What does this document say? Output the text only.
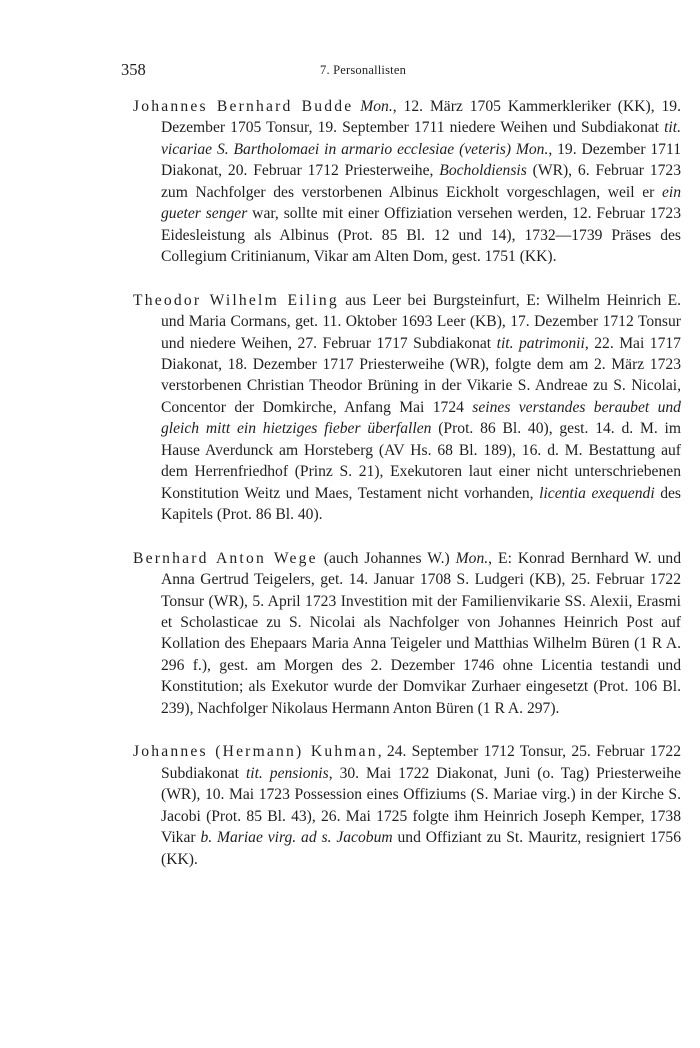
358	7. Personallisten

Johannes Bernhard Budde Mon., 12. März 1705 Kammerkleriker (KK), 19. Dezember 1705 Tonsur, 19. September 1711 niedere Weihen und Subdiakonat tit. vicariae S. Bartholomaei in armario ecclesiae (veteris) Mon., 19. Dezember 1711 Diakonat, 20. Februar 1712 Priesterweihe, Bocholdiensis (WR), 6. Februar 1723 zum Nachfolger des verstorbenen Albinus Eickholt vorgeschlagen, weil er ein gueter senger war, sollte mit einer Offiziation versehen werden, 12. Februar 1723 Eidesleistung als Albinus (Prot. 85 Bl. 12 und 14), 1732—1739 Präses des Collegium Critinianum, Vikar am Alten Dom, gest. 1751 (KK).

Theodor Wilhelm Eiling aus Leer bei Burgsteinfurt, E: Wilhelm Heinrich E. und Maria Cormans, get. 11. Oktober 1693 Leer (KB), 17. Dezember 1712 Tonsur und niedere Weihen, 27. Februar 1717 Subdiakonat tit. patrimonii, 22. Mai 1717 Diakonat, 18. Dezember 1717 Priesterweihe (WR), folgte dem am 2. März 1723 verstorbenen Christian Theodor Brüning in der Vikarie S. Andreae zu S. Nicolai, Concentor der Domkirche, Anfang Mai 1724 seines verstandes beraubet und gleich mitt ein hietziges fieber überfallen (Prot. 86 Bl. 40), gest. 14. d. M. im Hause Averdunck am Horsteberg (AV Hs. 68 Bl. 189), 16. d. M. Bestattung auf dem Herrenfriedhof (Prinz S. 21), Exekutoren laut einer nicht unterschriebenen Konstitution Weitz und Maes, Testament nicht vorhanden, licentia exequendi des Kapitels (Prot. 86 Bl. 40).

Bernhard Anton Wege (auch Johannes W.) Mon., E: Konrad Bernhard W. und Anna Gertrud Teigelers, get. 14. Januar 1708 S. Ludgeri (KB), 25. Februar 1722 Tonsur (WR), 5. April 1723 Investition mit der Familienvikarie SS. Alexii, Erasmi et Scholasticae zu S. Nicolai als Nachfolger von Johannes Heinrich Post auf Kollation des Ehepaars Maria Anna Teigeler und Matthias Wilhelm Büren (1 R A. 296 f.), gest. am Morgen des 2. Dezember 1746 ohne Licentia testandi und Konstitution; als Exekutor wurde der Domvikar Zurhaer eingesetzt (Prot. 106 Bl. 239), Nachfolger Nikolaus Hermann Anton Büren (1 R A. 297).

Johannes (Hermann) Kuhman, 24. September 1712 Tonsur, 25. Februar 1722 Subdiakonat tit. pensionis, 30. Mai 1722 Diakonat, Juni (o. Tag) Priesterweihe (WR), 10. Mai 1723 Possession eines Offiziums (S. Mariae virg.) in der Kirche S. Jacobi (Prot. 85 Bl. 43), 26. Mai 1725 folgte ihm Heinrich Joseph Kemper, 1738 Vikar b. Mariae virg. ad s. Jacobum und Offiziant zu St. Mauritz, resigniert 1756 (KK).
